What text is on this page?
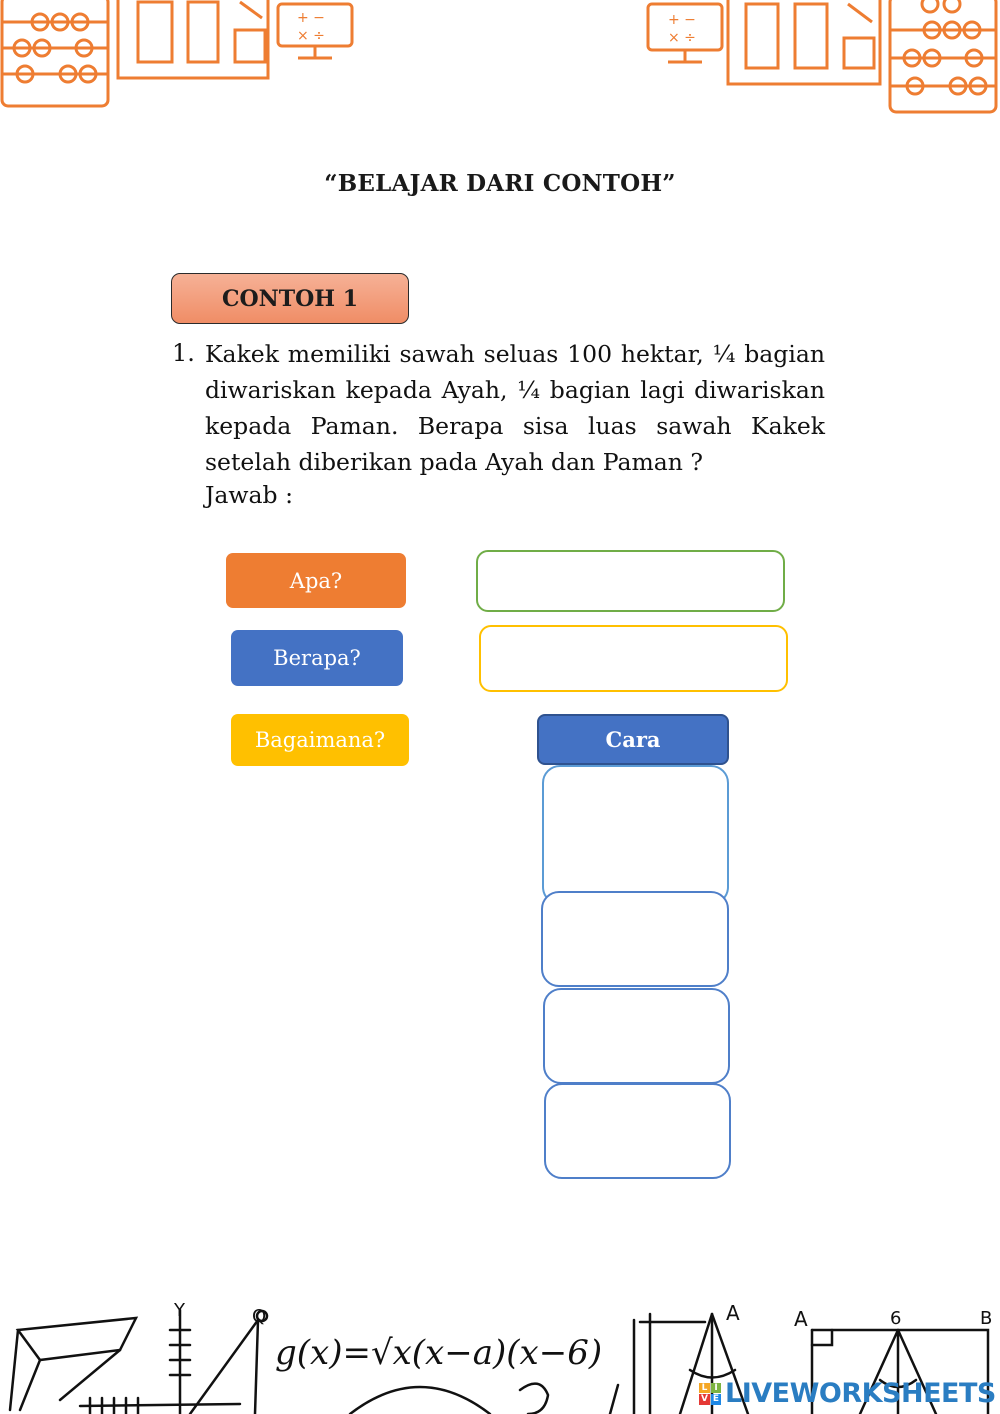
+ −
× ÷
+ −
× ÷
“BELAJAR DARI CONTOH”
CONTOH 1
1. Kakek memiliki sawah seluas 100 hektar, ¼ bagian diwariskan kepada Ayah, ¼ bagian lagi diwariskan kepada Paman. Berapa sisa luas sawah Kakek setelah diberikan pada Ayah dan Paman ?
Jawab :
Apa?
Berapa?
Bagaimana?	Cara
Y	Q
g(x)=√x(x−a)(x−6)
A	A	6	B
L I
V E LIVEWORKSHEETS
